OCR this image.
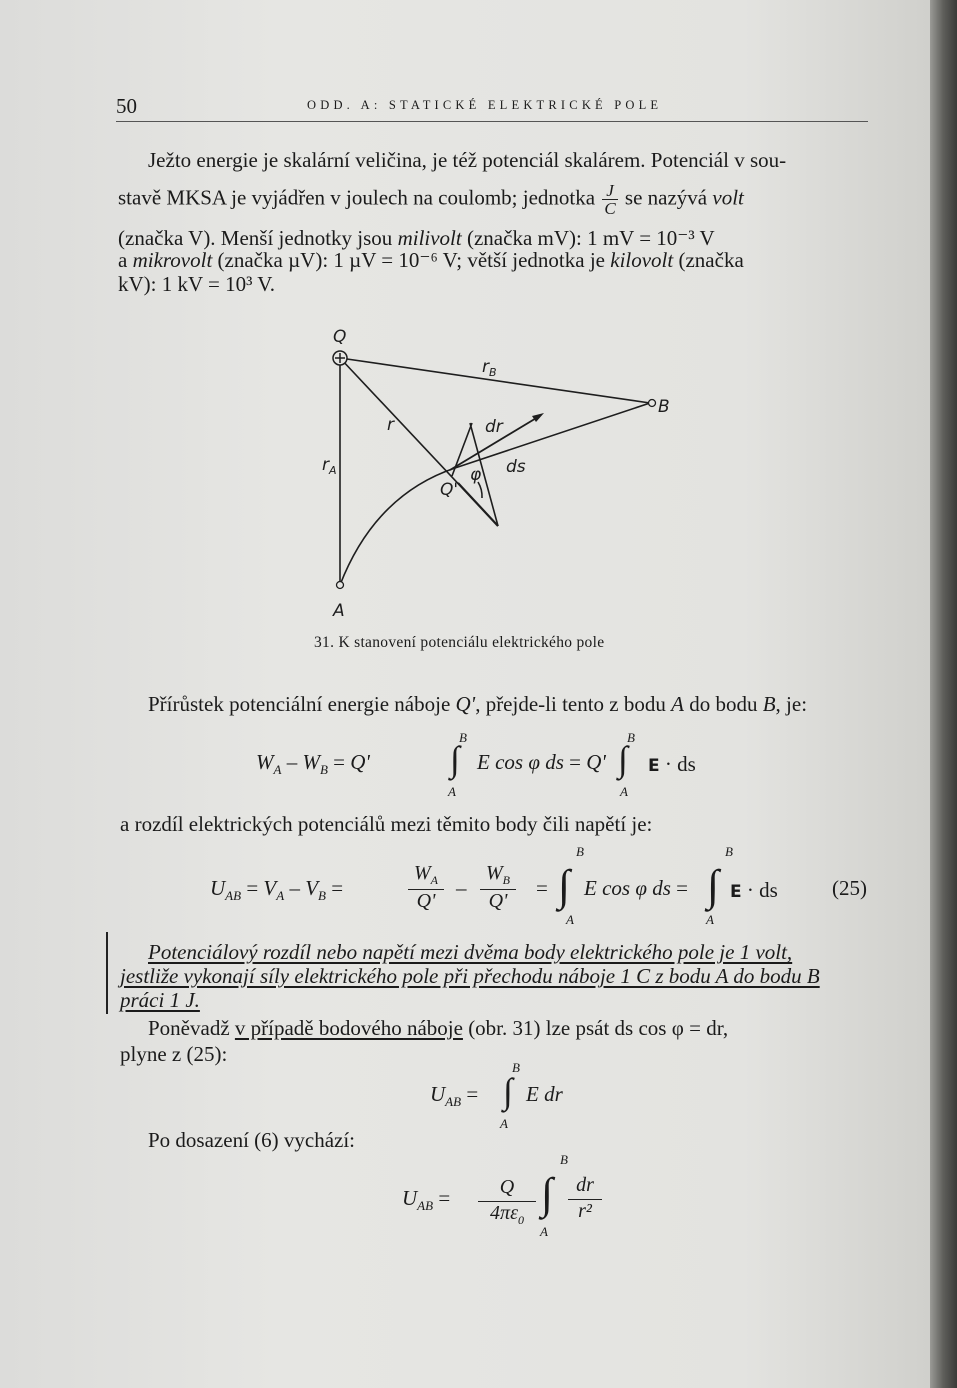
50	ODD. A: STATICKÉ ELEKTRICKÉ POLE
Ježto energie je skalární veličina, je též potenciál skalárem. Potenciál v sou-
stavě MKSA je vyjádřen v joulech na coulomb; jednotka $\frac{J}{C}$ se nazývá volt
(značka V). Menší jednotky jsou milivolt (značka mV): 1 mV = 10⁻³ V
a mikrovolt (značka µV): 1 µV = 10⁻⁶ V; větší jednotka je kilovolt (značka
kV): 1 kV = 10³ V.
Q
$r_B$
B
r	dr
$r_A$	φ ds
Q'
A
31. K stanovení potenciálu elektrického pole
Přírůstek potenciální energie náboje Q', přejde-li tento z bodu A do bodu B, je:
$W_A - W_B = Q'$ ∫
B
A
E cos φ ds = Q' ∫
B
A
E · ds
a rozdíl elektrických potenciálů mezi těmito body čili napětí je:
$U_{AB} = V_A - V_B$ =	$\frac{W_A}{Q'} - \frac{W_B}{Q'}$ = ∫
B
A
E cos φ ds = ∫
B
A
E · ds	(25)
Potenciálový rozdíl nebo napětí mezi dvěma body elektrického pole je 1 volt,
jestliže vykonají síly elektrického pole při přechodu náboje 1 C z bodu A do bodu B
práci 1 J.
Poněvadž v případě bodového náboje (obr. 31) lze psát ds cos φ = dr,
plyne z (25):
$U_{AB}$ = ∫
B
A
E dr
Po dosazení (6) vychází:
$U_{AB} = \frac{Q}{4\pi\varepsilon_0}$ ∫
B
A
$\frac{dr}{\text{r²}}$
